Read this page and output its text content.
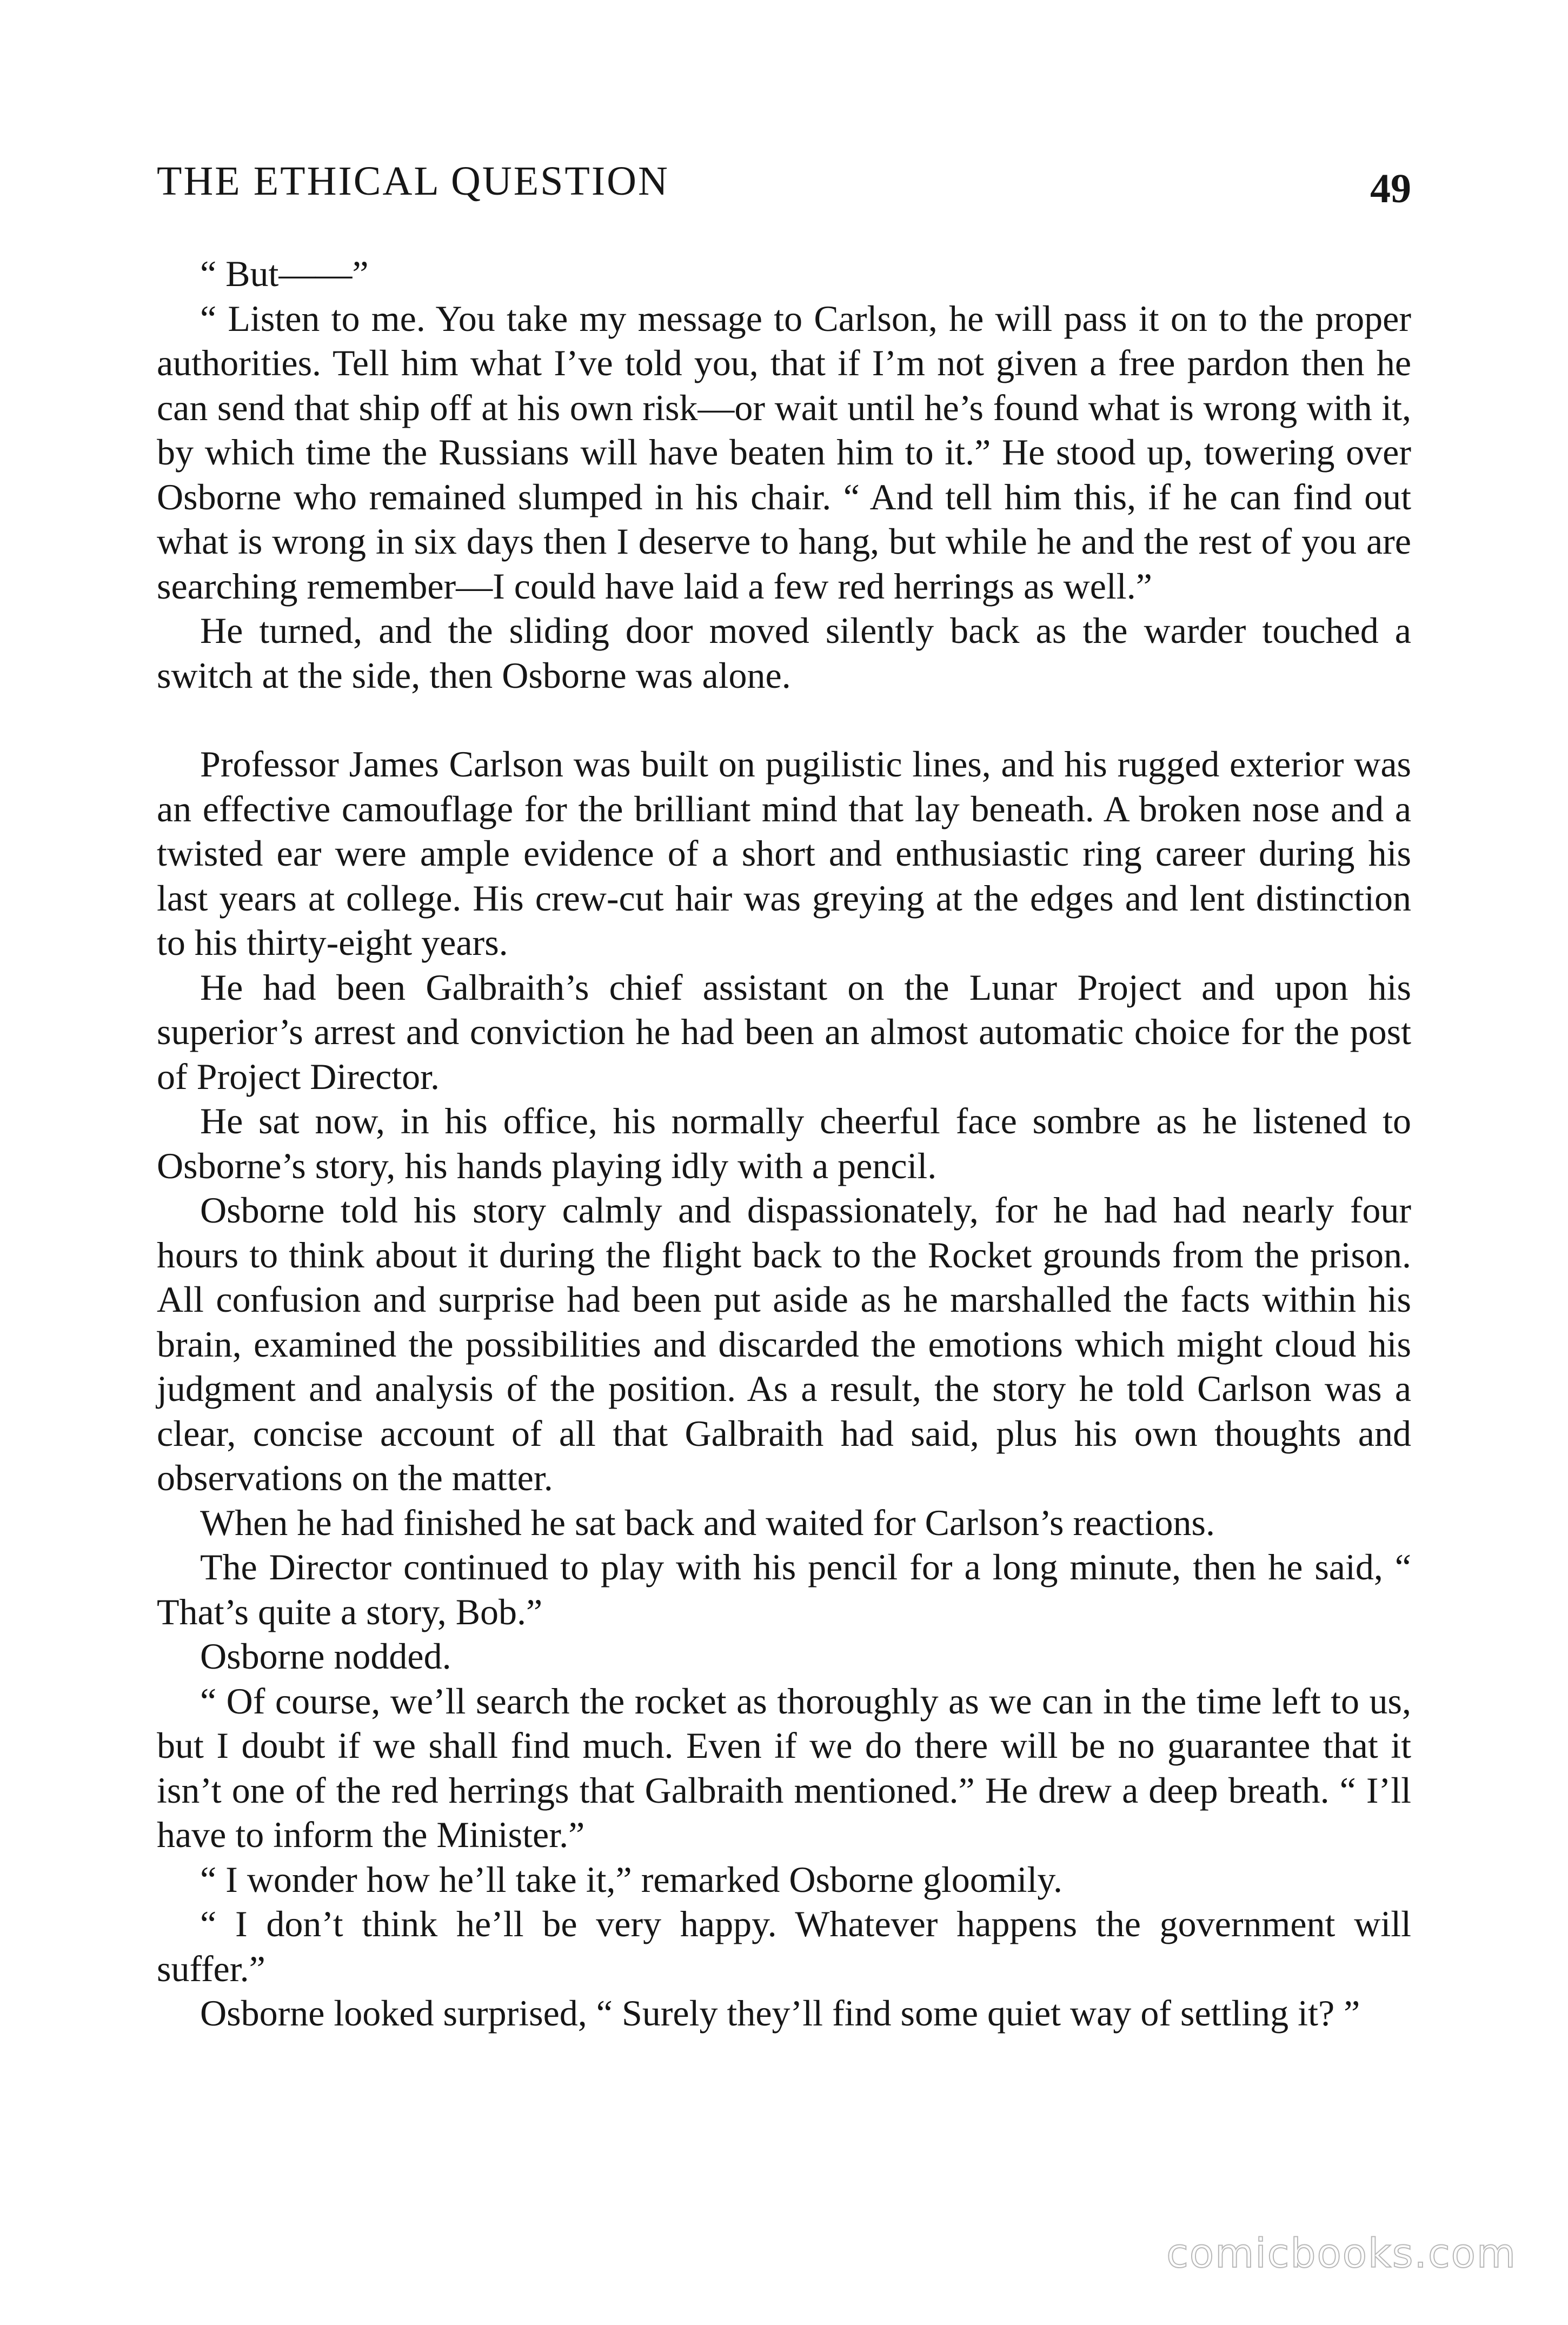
THE ETHICAL QUESTION	49

“ But——”

“ Listen to me. You take my message to Carlson, he will pass it on to the proper authorities. Tell him what I’ve told you, that if I’m not given a free pardon then he can send that ship off at his own risk—or wait until he’s found what is wrong with it, by which time the Russians will have beaten him to it.” He stood up, towering over Osborne who remained slumped in his chair. “ And tell him this, if he can find out what is wrong in six days then I deserve to hang, but while he and the rest of you are searching remember—I could have laid a few red herrings as well.”

He turned, and the sliding door moved silently back as the warder touched a switch at the side, then Osborne was alone.

Professor James Carlson was built on pugilistic lines, and his rugged exterior was an effective camouflage for the brilliant mind that lay beneath. A broken nose and a twisted ear were ample evidence of a short and enthusiastic ring career during his last years at college. His crew-cut hair was greying at the edges and lent distinction to his thirty-eight years.

He had been Galbraith’s chief assistant on the Lunar Project and upon his superior’s arrest and conviction he had been an almost automatic choice for the post of Project Director.

He sat now, in his office, his normally cheerful face sombre as he listened to Osborne’s story, his hands playing idly with a pencil.

Osborne told his story calmly and dispassionately, for he had had nearly four hours to think about it during the flight back to the Rocket grounds from the prison. All confusion and surprise had been put aside as he marshalled the facts within his brain, examined the possibilities and discarded the emotions which might cloud his judgment and analysis of the position. As a result, the story he told Carlson was a clear, concise account of all that Galbraith had said, plus his own thoughts and observations on the matter.

When he had finished he sat back and waited for Carlson’s reactions.

The Director continued to play with his pencil for a long minute, then he said, “ That’s quite a story, Bob.”

Osborne nodded.

“ Of course, we’ll search the rocket as thoroughly as we can in the time left to us, but I doubt if we shall find much. Even if we do there will be no guarantee that it isn’t one of the red herrings that Galbraith mentioned.” He drew a deep breath. “ I’ll have to inform the Minister.”

“ I wonder how he’ll take it,” remarked Osborne gloomily.

“ I don’t think he’ll be very happy. Whatever happens the government will suffer.”

Osborne looked surprised, “ Surely they’ll find some quiet way of settling it? ”

comicbooks.com
